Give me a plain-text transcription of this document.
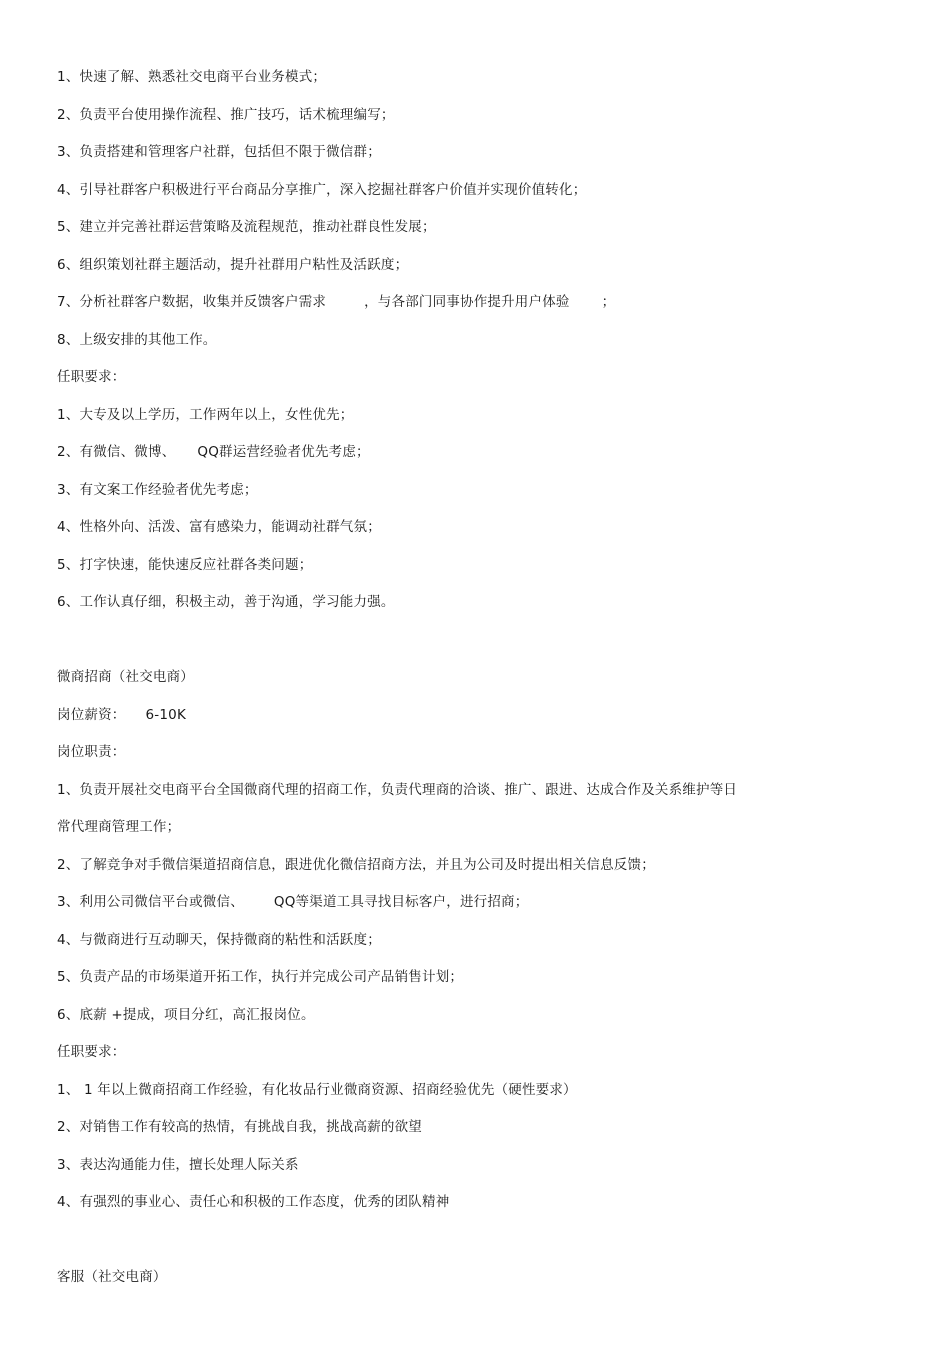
1、快速了解、熟悉社交电商平台业务模式；
2、负责平台使用操作流程、推广技巧，话术梳理编写；
3、负责搭建和管理客户社群，包括但不限于微信群；
4、引导社群客户积极进行平台商品分享推广，深入挖掘社群客户价值并实现价值转化；
5、建立并完善社群运营策略及流程规范，推动社群良性发展；
6、组织策划社群主题活动，提升社群用户粘性及活跃度；
7、分析社群客户数据，收集并反馈客户需求	，与各部门同事协作提升用户体验 ；
8、上级安排的其他工作。
任职要求：
1、大专及以上学历，工作两年以上，女性优先；
2、有微信、微博、 QQ群运营经验者优先考虑；
3、有文案工作经验者优先考虑；
4、性格外向、活泼、富有感染力，能调动社群气氛；
5、打字快速，能快速反应社群各类问题；
6、工作认真仔细，积极主动，善于沟通，学习能力强。
微商招商（社交电商）
岗位薪资： 6-10K
岗位职责：
1、负责开展社交电商平台全国微商代理的招商工作，负责代理商的洽谈、推广、跟进、达成合作及关系维护等日
常代理商管理工作；
2、了解竞争对手微信渠道招商信息，跟进优化微信招商方法，并且为公司及时提出相关信息反馈；
3、利用公司微信平台或微信、 QQ等渠道工具寻找目标客户，进行招商；
4、与微商进行互动聊天，保持微商的粘性和活跃度；
5、负责产品的市场渠道开拓工作，执行并完成公司产品销售计划；
6、底薪 +提成，项目分红，高汇报岗位。
任职要求：
1、 1 年以上微商招商工作经验，有化妆品行业微商资源、招商经验优先（硬性要求）
2、对销售工作有较高的热情，有挑战自我，挑战高薪的欲望
3、表达沟通能力佳，擅长处理人际关系
4、有强烈的事业心、责任心和积极的工作态度，优秀的团队精神
客服（社交电商）
